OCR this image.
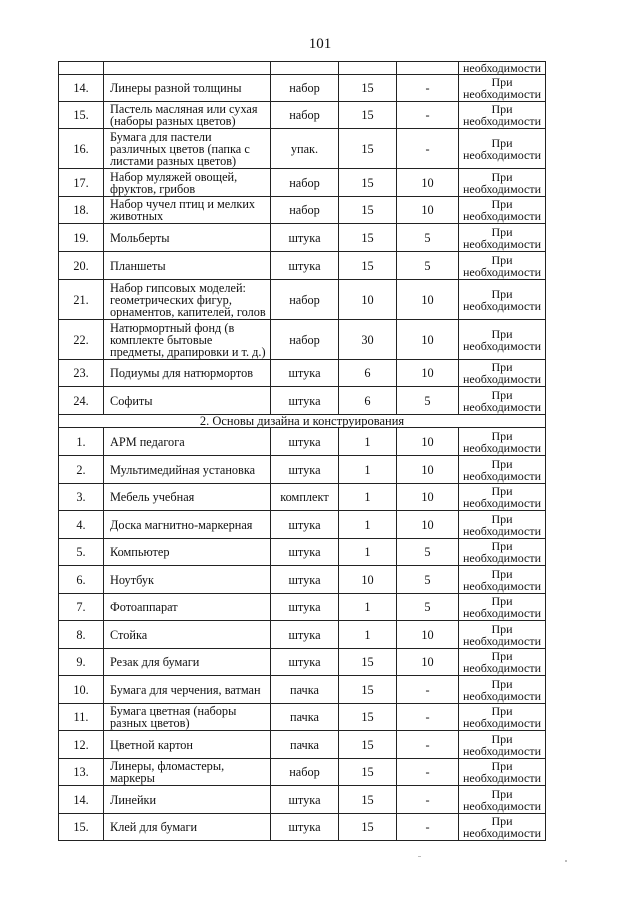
101
					необходимости
14.	Линеры разной толщины	набор	15	-	При необходимости
15.	Пастель масляная или сухая (наборы разных цветов)	набор	15	-	При необходимости
16.	Бумага для пастели различных цветов (папка с листами разных цветов)	упак.	15	-	При необходимости
17.	Набор муляжей овощей, фруктов, грибов	набор	15	10	При необходимости
18.	Набор чучел птиц и мелких животных	набор	15	10	При необходимости
19.	Мольберты	штука	15	5	При необходимости
20.	Планшеты	штука	15	5	При необходимости
21.	Набор гипсовых моделей: геометрических фигур, орнаментов, капителей, голов	набор	10	10	При необходимости
22.	Натюрмортный фонд (в комплекте бытовые предметы, драпировки и т. д.)	набор	30	10	При необходимости
23.	Подиумы для натюрмортов	штука	6	10	При необходимости
24.	Софиты	штука	6	5	При необходимости
2. Основы дизайна и конструирования					
1.	АРМ педагога	штука	1	10	При необходимости
2.	Мультимедийная установка	штука	1	10	При необходимости
3.	Мебель учебная	комплект	1	10	При необходимости
4.	Доска магнитно-маркерная	штука	1	10	При необходимости
5.	Компьютер	штука	1	5	При необходимости
6.	Ноутбук	штука	10	5	При необходимости
7.	Фотоаппарат	штука	1	5	При необходимости
8.	Стойка	штука	1	10	При необходимости
9.	Резак для бумаги	штука	15	10	При необходимости
10.	Бумага для черчения, ватман	пачка	15	-	При необходимости
11.	Бумага цветная (наборы разных цветов)	пачка	15	-	При необходимости
12.	Цветной картон	пачка	15	-	При необходимости
13.	Линеры, фломастеры, маркеры	набор	15	-	При необходимости
14.	Линейки	штука	15	-	При необходимости
15.	Клей для бумаги	штука	15	-	При необходимости
